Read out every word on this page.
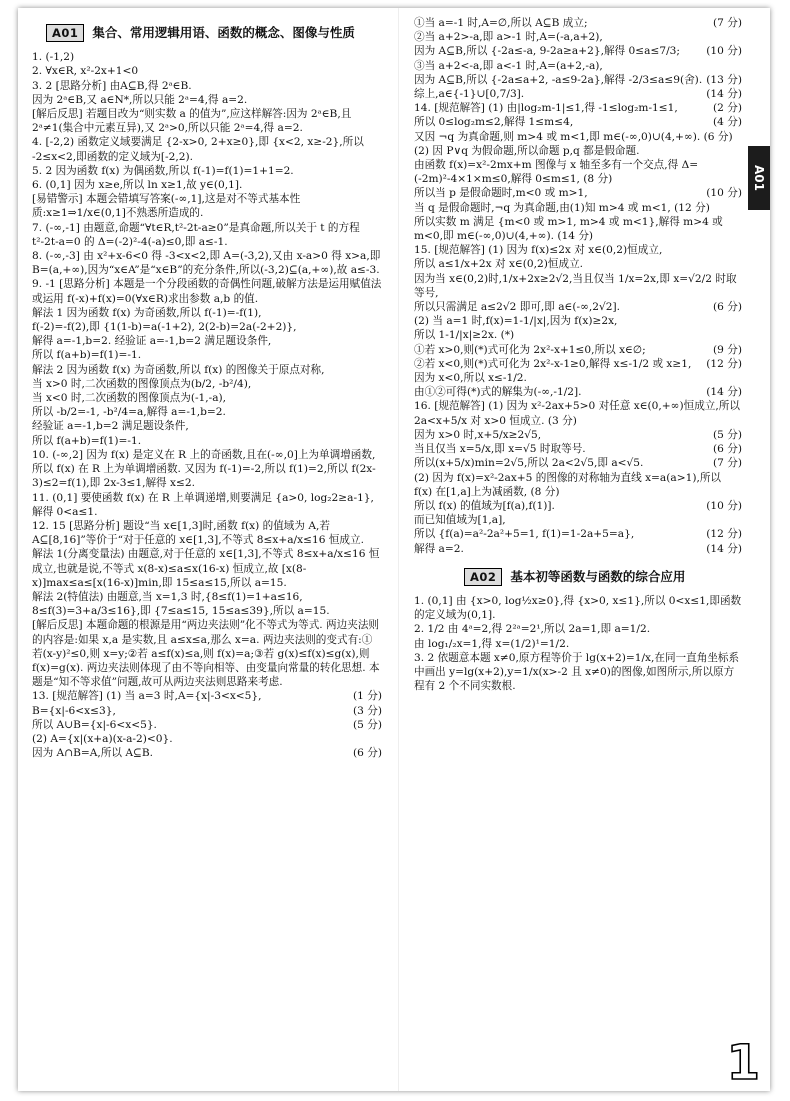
A01	集合、常用逻辑用语、函数的概念、图像与性质
1. (-1,2)
2. ∀x∈R, x²-2x+1<0
3. 2 [思路分析] 由A⊆B,得 2ᵃ∈B.
因为 2ᵃ∈B,又 a∈N*,所以只能 2ᵃ=4,得 a=2.
[解后反思] 若题目改为“则实数 a 的值为”,应这样解答:因为 2ᵃ∈B,且 2ᵃ≠1(集合中元素互异),又 2ᵃ>0,所以只能 2ᵃ=4,得 a=2.
4. [-2,2) 函数定义域要满足 {2-x>0, 2+x≥0},即 {x<2, x≥-2},所以 -2≤x<2,即函数的定义域为[-2,2).
5. 2 因为函数 f(x) 为偶函数,所以 f(-1)=f(1)=1+1=2.
6. (0,1] 因为 x≥e,所以 ln x≥1,故 y∈(0,1].
[易错警示] 本题会错填写答案(-∞,1],这是对不等式基本性质:x≥1⇒1/x∈(0,1]不熟悉所造成的.
7. (-∞,-1] 由题意,命题“∀t∈R,t²-2t-a≥0”是真命题,所以关于 t 的方程 t²-2t-a=0 的 Δ=(-2)²-4(-a)≤0,即 a≤-1.
8. (-∞,-3] 由 x²+x-6<0 得 -3<x<2,即 A=(-3,2),又由 x-a>0 得 x>a,即 B=(a,+∞),因为“x∈A”是“x∈B”的充分条件,所以(-3,2)⊆(a,+∞),故 a≤-3.
9. -1 [思路分析] 本题是一个分段函数的奇偶性问题,破解方法是运用赋值法或运用 f(-x)+f(x)=0(∀x∈R)求出参数 a,b 的值.
解法 1 因为函数 f(x) 为奇函数,所以 f(-1)=-f(1),
f(-2)=-f(2),即 {1(1-b)=a(-1+2), 2(2-b)=2a(-2+2)},
解得 a=-1,b=2. 经验证 a=-1,b=2 满足题设条件,
所以 f(a+b)=f(1)=-1.
解法 2 因为函数 f(x) 为奇函数,所以 f(x) 的图像关于原点对称,
当 x>0 时,二次函数的图像顶点为(b/2, -b²/4),
当 x<0 时,二次函数的图像顶点为(-1,-a),
所以 -b/2=-1, -b²/4=a,解得 a=-1,b=2.
经验证 a=-1,b=2 满足题设条件,
所以 f(a+b)=f(1)=-1.
10. (-∞,2] 因为 f(x) 是定义在 R 上的奇函数,且在(-∞,0]上为单调增函数,所以 f(x) 在 R 上为单调增函数. 又因为 f(-1)=-2,所以 f(1)=2,所以 f(2x-3)≤2=f(1),即 2x-3≤1,解得 x≤2.
11. (0,1] 要使函数 f(x) 在 R 上单调递增,则要满足 {a>0, log₂2≥a-1},解得 0<a≤1.
12. 15 [思路分析] 题设“当 x∈[1,3]时,函数 f(x) 的值域为 A,若 A⊆[8,16]”等价于“对于任意的 x∈[1,3],不等式 8≤x+a/x≤16 恒成立.
解法 1(分离变量法) 由题意,对于任意的 x∈[1,3],不等式 8≤x+a/x≤16 恒成立,也就是说,不等式 x(8-x)≤a≤x(16-x) 恒成立,故 [x(8-x)]max≤a≤[x(16-x)]min,即 15≤a≤15,所以 a=15.
解法 2(特值法) 由题意,当 x=1,3 时,{8≤f(1)=1+a≤16, 8≤f(3)=3+a/3≤16},即 {7≤a≤15, 15≤a≤39},所以 a=15.
[解后反思] 本题命题的根源是用“两边夹法则”化不等式为等式. 两边夹法则的内容是:如果 x,a 是实数,且 a≤x≤a,那么 x=a. 两边夹法则的变式有:①若(x-y)²≤0,则 x=y;②若 a≤f(x)≤a,则 f(x)=a;③若 g(x)≤f(x)≤g(x),则 f(x)=g(x). 两边夹法则体现了由不等向相等、由变量向常量的转化思想. 本题是“知不等求值”问题,故可从两边夹法则思路来考虑.
13. [规范解答] (1) 当 a=3 时,A={x|-3<x<5},	(1 分)
B={x|-6<x≤3},	(3 分)
所以 A∪B={x|-6<x<5}.	(5 分)
(2) A={x|(x+a)(x-a-2)<0}.
因为 A∩B=A,所以 A⊆B.	(6 分)
①当 a=-1 时,A=∅,所以 A⊆B 成立;	(7 分)
②当 a+2>-a,即 a>-1 时,A=(-a,a+2),
因为 A⊆B,所以 {-2a≤-a, 9-2a≥a+2},解得 0≤a≤7/3; (10 分)
③当 a+2<-a,即 a<-1 时,A=(a+2,-a),
因为 A⊆B,所以 {-2a≤a+2, -a≤9-2a},解得 -2/3≤a≤9(舍). (13 分)
综上,a∈{-1}∪[0,7/3].	(14 分)
14. [规范解答] (1) 由|log₂m-1|≤1,得 -1≤log₂m-1≤1,	(2 分)
所以 0≤log₂m≤2,解得 1≤m≤4,	(4 分)
又因 ¬q 为真命题,则 m>4 或 m<1,即 m∈(-∞,0)∪(4,+∞). (6 分)
(2) 因 P∨q 为假命题,所以命题 p,q 都是假命题.
由函数 f(x)=x²-2mx+m 图像与 x 轴至多有一个交点,得 Δ=(-2m)²-4×1×m≤0,解得 0≤m≤1, (8 分)
所以当 p 是假命题时,m<0 或 m>1,	(10 分)
当 q 是假命题时,¬q 为真命题,由(1)知 m>4 或 m<1, (12 分)
所以实数 m 满足 {m<0 或 m>1, m>4 或 m<1},解得 m>4 或 m<0,即 m∈(-∞,0)∪(4,+∞). (14 分)
15. [规范解答] (1) 因为 f(x)≤2x 对 x∈(0,2)恒成立,
所以 a≤1/x+2x 对 x∈(0,2)恒成立.
因为当 x∈(0,2)时,1/x+2x≥2√2,当且仅当 1/x=2x,即 x=√2/2 时取等号,
所以只需满足 a≤2√2 即可,即 a∈(-∞,2√2].	(6 分)
(2) 当 a=1 时,f(x)=1-1/|x|,因为 f(x)≥2x,
所以 1-1/|x|≥2x. (*)
①若 x>0,则(*)式可化为 2x²-x+1≤0,所以 x∈∅;	(9 分)
②若 x<0,则(*)式可化为 2x²-x-1≥0,解得 x≤-1/2 或 x≥1, (12 分)
因为 x<0,所以 x≤-1/2.
由①②可得(*)式的解集为(-∞,-1/2].	(14 分)
16. [规范解答] (1) 因为 x²-2ax+5>0 对任意 x∈(0,+∞)恒成立,所以 2a<x+5/x 对 x>0 恒成立. (3 分)
因为 x>0 时,x+5/x≥2√5,	(5 分)
当且仅当 x=5/x,即 x=√5 时取等号.	(6 分)
所以(x+5/x)min=2√5,所以 2a<2√5,即 a<√5.	(7 分)
(2) 因为 f(x)=x²-2ax+5 的图像的对称轴为直线 x=a(a>1),所以 f(x) 在[1,a]上为减函数, (8 分)
所以 f(x) 的值域为[f(a),f(1)].	(10 分)
而已知值域为[1,a],
所以 {f(a)=a²-2a²+5=1, f(1)=1-2a+5=a},	(12 分)
解得 a=2.	(14 分)
A02	基本初等函数与函数的综合应用
1. (0,1] 由 {x>0, log½x≥0},得 {x>0, x≤1},所以 0<x≤1,即函数的定义域为(0,1].
2. 1/2 由 4ᵃ=2,得 2²ᵃ=2¹,所以 2a=1,即 a=1/2.
由 log₁/₂x=1,得 x=(1/2)¹=1/2.
3. 2 依题意本题 x≠0,原方程等价于 lg(x+2)=1/x,在同一直角坐标系中画出 y=lg(x+2),y=1/x(x>-2 且 x≠0)的图像,如图所示,所以原方程有 2 个不同实数根.
A01
1
